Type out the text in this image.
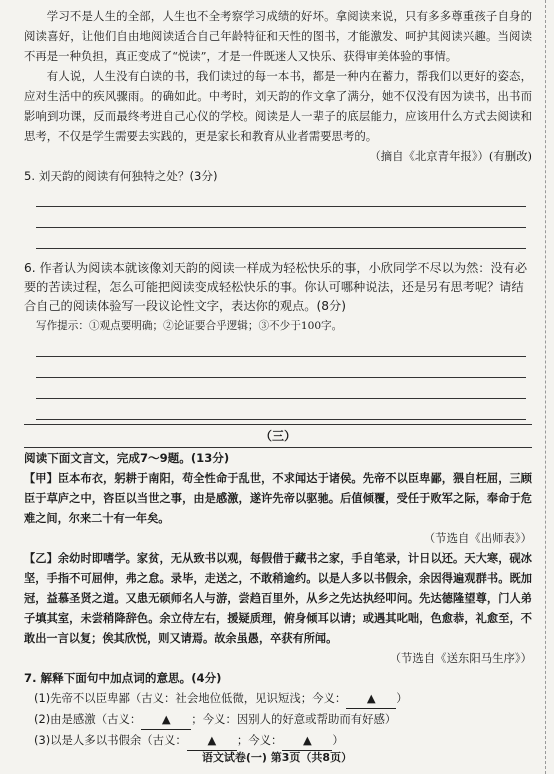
学习不是人生的全部，人生也不全考察学习成绩的好坏。拿阅读来说，只有多多尊重孩子自身的阅读喜好，让他们自由地阅读适合自己年龄特征和天性的图书，才能激发、呵护其阅读兴趣。当阅读不再是一种负担，真正变成了“悦读”，才是一件既迷人又快乐、获得审美体验的事情。

有人说，人生没有白读的书，我们读过的每一本书，都是一种内在蓄力，帮我们以更好的姿态，应对生活中的疾风骤雨。的确如此。中考时，刘天韵的作文拿了满分，她不仅没有因为读书，出书而影响到功课，反而最终考进自己心仪的学校。阅读是人一辈子的底层能力，应该用什么方式去阅读和思考，不仅是学生需要去实践的，更是家长和教育从业者需要思考的。

（摘自《北京青年报》）(有删改)

5. 刘天韵的阅读有何独特之处？(3分)

6. 作者认为阅读本就该像刘天韵的阅读一样成为轻松快乐的事，小欣同学不尽以为然：没有必要的苦读过程，怎么可能把阅读变成轻松快乐的事。你认可哪种说法，还是另有思考呢？请结合自己的阅读体验写一段议论性文字，表达你的观点。(8分)

写作提示：①观点要明确；②论证要合乎逻辑；③不少于100字。

（三）

阅读下面文言文，完成7～9题。(13分)

【甲】臣本布衣，躬耕于南阳，苟全性命于乱世，不求闻达于诸侯。先帝不以臣卑鄙，猥自枉屈，三顾臣于草庐之中，咨臣以当世之事，由是感激，遂许先帝以驱驰。后值倾覆，受任于败军之际，奉命于危难之间，尔来二十有一年矣。

（节选自《出师表》）

【乙】余幼时即嗜学。家贫，无从致书以观，每假借于藏书之家，手自笔录，计日以还。天大寒，砚冰坚，手指不可屈伸，弗之怠。录毕，走送之，不敢稍逾约。以是人多以书假余，余因得遍观群书。既加冠，益慕圣贤之道。又患无硕师名人与游，尝趋百里外，从乡之先达执经叩问。先达德隆望尊，门人弟子填其室，未尝稍降辞色。余立侍左右，援疑质理，俯身倾耳以请；或遇其叱咄，色愈恭，礼愈至，不敢出一言以复；俟其欣悦，则又请焉。故余虽愚，卒获有所闻。

（节选自《送东阳马生序》）

7. 解释下面句中加点词的意思。(4分)

(1)先帝不以臣卑鄙（古义：社会地位低微，见识短浅；今义： ▲ ）

(2)由是感激（古义： ▲ ；今义：因别人的好意或帮助而有好感）

(3)以是人多以书假余（古义： ▲ ；今义： ▲ ）

语文试卷(一) 第3页（共8页）
